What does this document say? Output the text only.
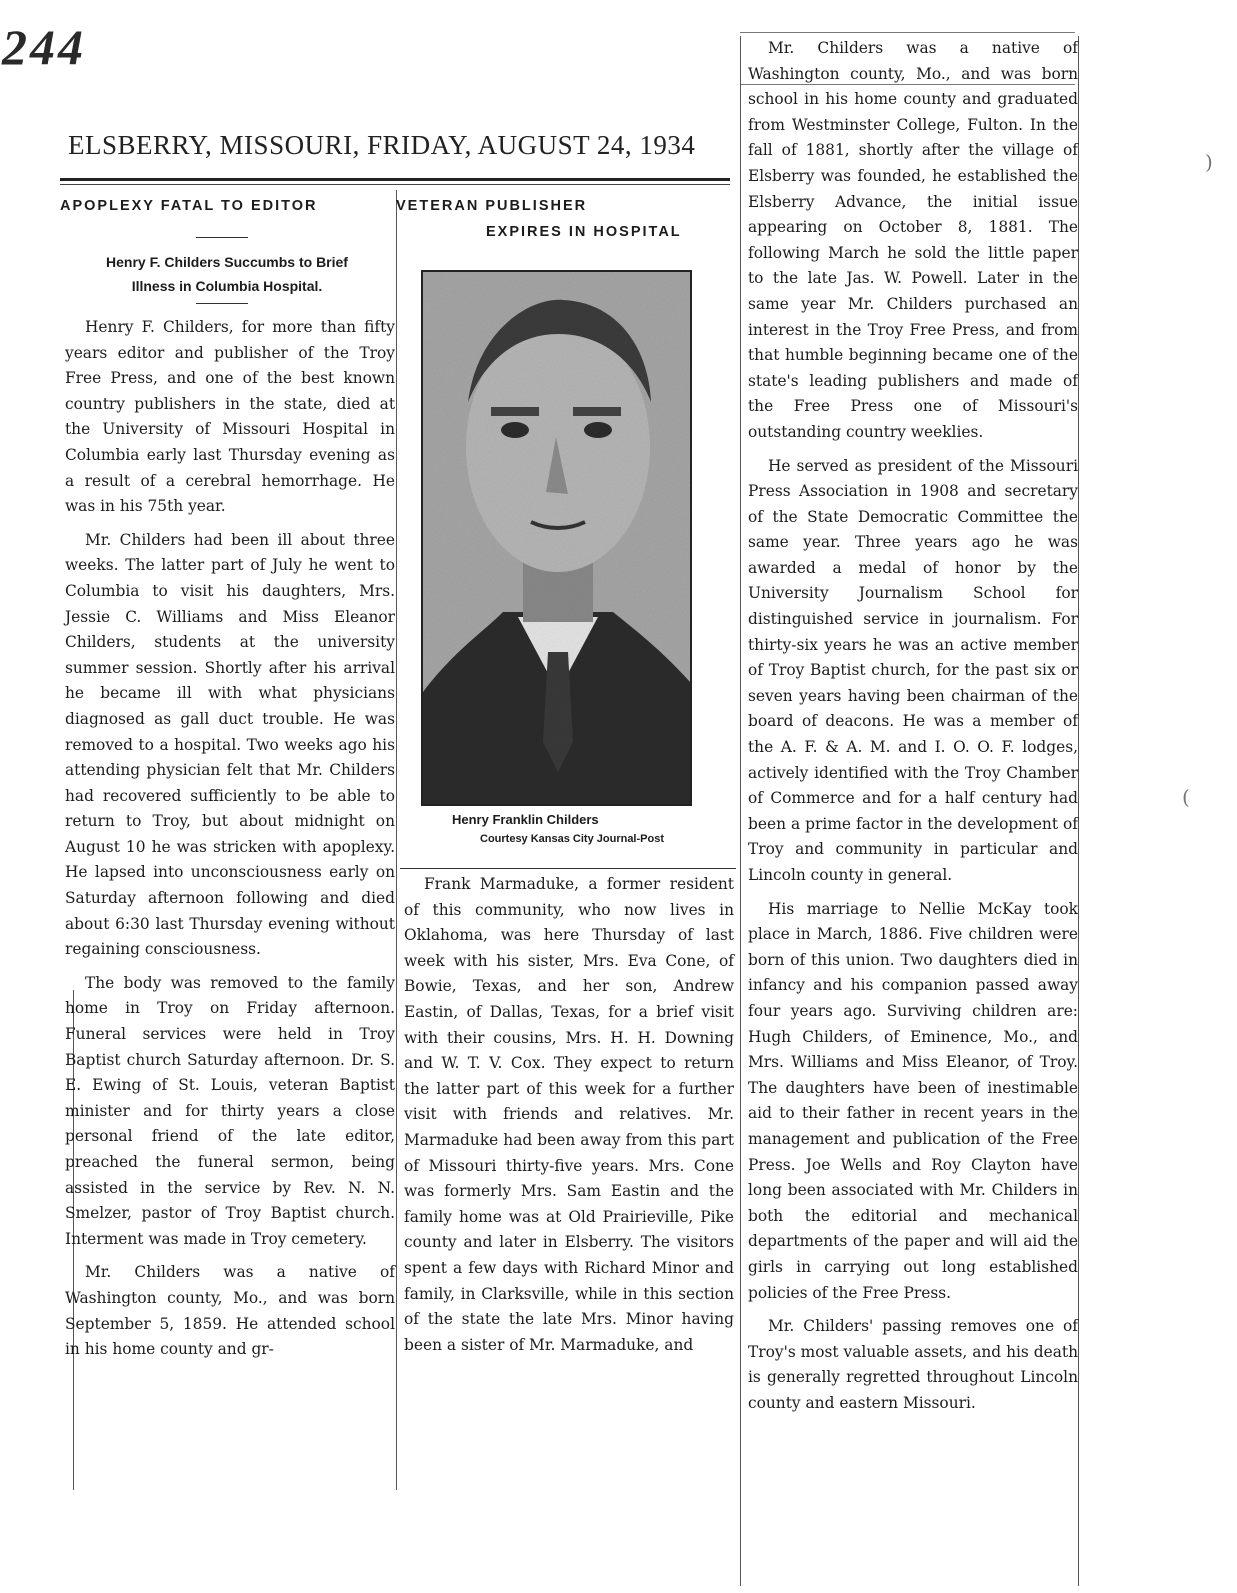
244
ELSBERRY, MISSOURI, FRIDAY, AUGUST 24, 1934
APOPLEXY FATAL TO EDITOR
Henry F. Childers Succumbs to Brief
Illness in Columbia Hospital.

Henry F. Childers, for more than fifty years editor and publisher of the Troy Free Press, and one of the best known country publishers in the state, died at the University of Missouri Hospital in Columbia early last Thursday evening as a result of a cerebral hemorrhage. He was in his 75th year.

Mr. Childers had been ill about three weeks. The latter part of July he went to Columbia to visit his daughters, Mrs. Jessie C. Williams and Miss Eleanor Childers, students at the university summer session. Shortly after his arrival he became ill with what physicians diagnosed as gall duct trouble. He was removed to a hospital. Two weeks ago his attending physician felt that Mr. Childers had recovered sufficiently to be able to return to Troy, but about midnight on August 10 he was stricken with apoplexy. He lapsed into unconsciousness early on Saturday afternoon following and died about 6:30 last Thursday evening without regaining consciousness.

The body was removed to the family home in Troy on Friday afternoon. Funeral services were held in Troy Baptist church Saturday afternoon. Dr. S. E. Ewing of St. Louis, veteran Baptist minister and for thirty years a close personal friend of the late editor, preached the funeral sermon, being assisted in the service by Rev. N. N. Smelzer, pastor of Troy Baptist church. Interment was made in Troy cemetery.

Mr. Childers was a native of Washington county, Mo., and was born September 5, 1859. He attended school in his home county and gr-

VETERAN PUBLISHER
EXPIRES IN HOSPITAL
Henry Franklin Childers
Courtesy Kansas City Journal-Post

Frank Marmaduke, a former resident of this community, who now lives in Oklahoma, was here Thursday of last week with his sister, Mrs. Eva Cone, of Bowie, Texas, and her son, Andrew Eastin, of Dallas, Texas, for a brief visit with their cousins, Mrs. H. H. Downing and W. T. V. Cox. They expect to return the latter part of this week for a further visit with friends and relatives. Mr. Marmaduke had been away from this part of Missouri thirty-five years. Mrs. Cone was formerly Mrs. Sam Eastin and the family home was at Old Prairieville, Pike county and later in Elsberry. The visitors spent a few days with Richard Minor and family, in Clarksville, while in this section of the state the late Mrs. Minor having been a sister of Mr. Marmaduke, and

Mr. Childers was a native of Washington county, Mo., and was born school in his home county and graduated from Westminster College, Fulton. In the fall of 1881, shortly after the village of Elsberry was founded, he established the Elsberry Advance, the initial issue appearing on October 8, 1881. The following March he sold the little paper to the late Jas. W. Powell. Later in the same year Mr. Childers purchased an interest in the Troy Free Press, and from that humble beginning became one of the state's leading publishers and made of the Free Press one of Missouri's outstanding country weeklies.

He served as president of the Missouri Press Association in 1908 and secretary of the State Democratic Committee the same year. Three years ago he was awarded a medal of honor by the University Journalism School for distinguished service in journalism. For thirty-six years he was an active member of Troy Baptist church, for the past six or seven years having been chairman of the board of deacons. He was a member of the A. F. & A. M. and I. O. O. F. lodges, actively identified with the Troy Chamber of Commerce and for a half century had been a prime factor in the development of Troy and community in particular and Lincoln county in general.

His marriage to Nellie McKay took place in March, 1886. Five children were born of this union. Two daughters died in infancy and his companion passed away four years ago. Surviving children are: Hugh Childers, of Eminence, Mo., and Mrs. Williams and Miss Eleanor, of Troy. The daughters have been of inestimable aid to their father in recent years in the management and publication of the Free Press. Joe Wells and Roy Clayton have long been associated with Mr. Childers in both the editorial and mechanical departments of the paper and will aid the girls in carrying out long established policies of the Free Press.

Mr. Childers' passing removes one of Troy's most valuable assets, and his death is generally regretted throughout Lincoln county and eastern Missouri.

)
(
